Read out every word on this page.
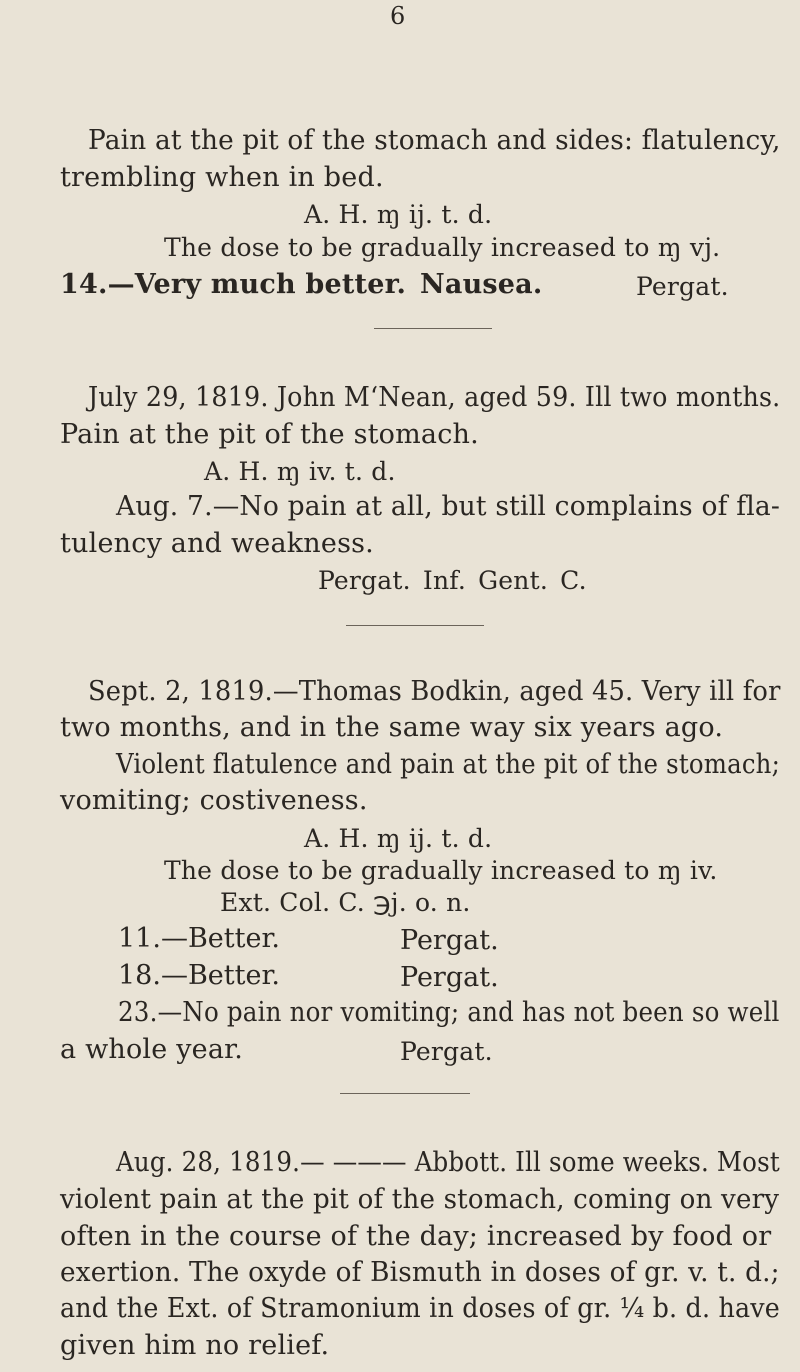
6
Pain at the pit of the stomach and sides: flatulency,
trembling when in bed.
A. H. ɱ ij. t. d.
The dose to be gradually increased to ɱ vj.
14.—Very much better. Nausea.	Pergat.
July 29, 1819. John M‘Nean, aged 59. Ill two months.
Pain at the pit of the stomach.
A. H. ɱ iv. t. d.
Aug. 7.—No pain at all, but still complains of fla-
tulency and weakness.
Pergat. Inf. Gent. C.
Sept. 2, 1819.—Thomas Bodkin, aged 45. Very ill for
two months, and in the same way six years ago.
Violent flatulence and pain at the pit of the stomach;
vomiting; costiveness.
A. H. ɱ ij. t. d.
The dose to be gradually increased to ɱ iv.
Ext. Col. C. ℈j. o. n.
11.—Better.	Pergat.
18.—Better.	Pergat.
23.—No pain nor vomiting; and has not been so well
a whole year.	Pergat.
Aug. 28, 1819.— ——— Abbott. Ill some weeks. Most
violent pain at the pit of the stomach, coming on very
often in the course of the day; increased by food or
exertion. The oxyde of Bismuth in doses of gr. v. t. d.;
and the Ext. of Stramonium in doses of gr. ¼ b. d. have
given him no relief.
